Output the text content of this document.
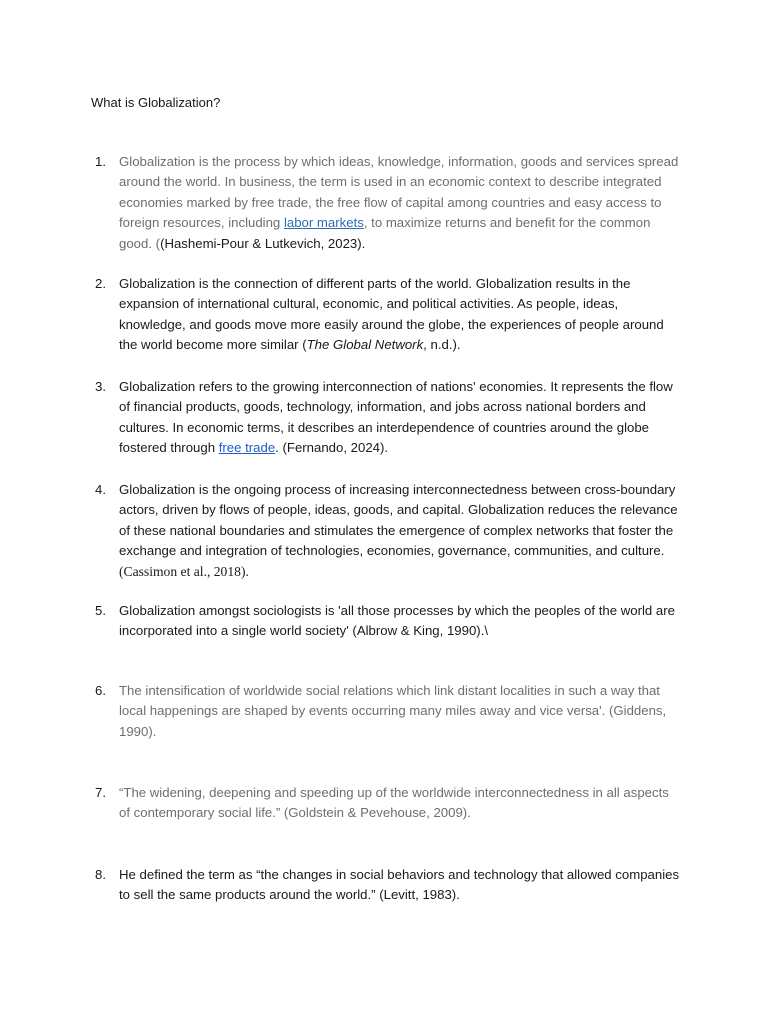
What is Globalization?
1. Globalization is the process by which ideas, knowledge, information, goods and services spread around the world. In business, the term is used in an economic context to describe integrated economies marked by free trade, the free flow of capital among countries and easy access to foreign resources, including labor markets, to maximize returns and benefit for the common good. ((Hashemi-Pour & Lutkevich, 2023).
2. Globalization is the connection of different parts of the world. Globalization results in the expansion of international cultural, economic, and political activities. As people, ideas, knowledge, and goods move more easily around the globe, the experiences of people around the world become more similar (The Global Network, n.d.).
3. Globalization refers to the growing interconnection of nations' economies. It represents the flow of financial products, goods, technology, information, and jobs across national borders and cultures. In economic terms, it describes an interdependence of countries around the globe fostered through free trade. (Fernando, 2024).
4. Globalization is the ongoing process of increasing interconnectedness between cross-boundary actors, driven by flows of people, ideas, goods, and capital. Globalization reduces the relevance of these national boundaries and stimulates the emergence of complex networks that foster the exchange and integration of technologies, economies, governance, communities, and culture. (Cassimon et al., 2018).
5. Globalization amongst sociologists is 'all those processes by which the peoples of the world are incorporated into a single world society' (Albrow & King, 1990).\
6. The intensification of worldwide social relations which link distant localities in such a way that local happenings are shaped by events occurring many miles away and vice versa'. (Giddens, 1990).
7. “The widening, deepening and speeding up of the worldwide interconnectedness in all aspects of contemporary social life.” (Goldstein & Pevehouse, 2009).
8. He defined the term as “the changes in social behaviors and technology that allowed companies to sell the same products around the world.” (Levitt, 1983).
